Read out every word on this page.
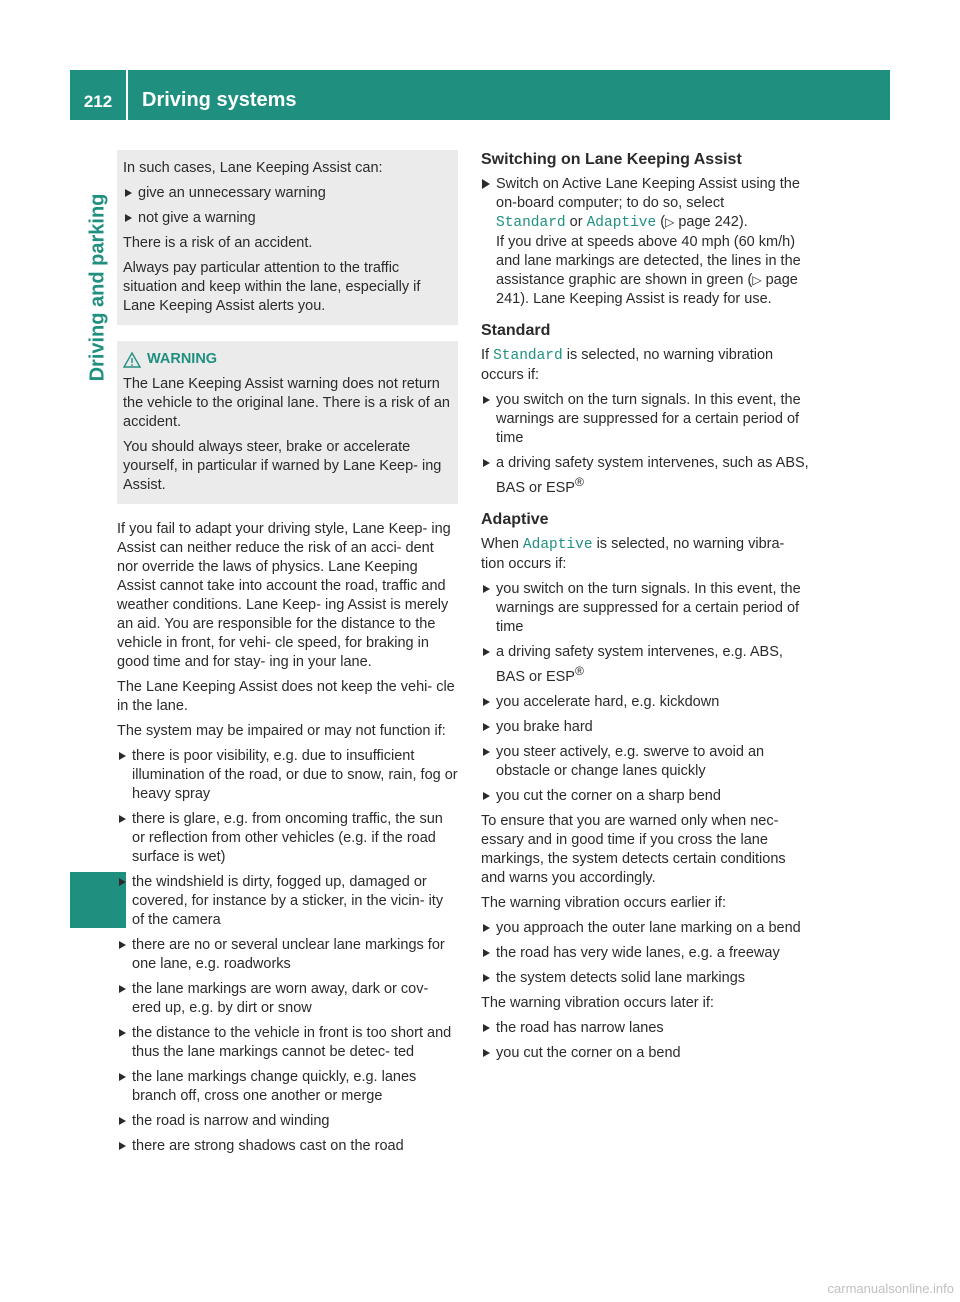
212	Driving systems
Driving and parking

In such cases, Lane Keeping Assist can:

give an unnecessary warning
not give a warning

There is a risk of an accident.

Always pay particular attention to the traffic situation and keep within the lane, especially if Lane Keeping Assist alerts you.

WARNING

The Lane Keeping Assist warning does not return the vehicle to the original lane. There is a risk of an accident.

You should always steer, brake or accelerate yourself, in particular if warned by Lane Keep- ing Assist.

If you fail to adapt your driving style, Lane Keep- ing Assist can neither reduce the risk of an acci- dent nor override the laws of physics. Lane Keeping Assist cannot take into account the road, traffic and weather conditions. Lane Keep- ing Assist is merely an aid. You are responsible for the distance to the vehicle in front, for vehi- cle speed, for braking in good time and for stay- ing in your lane.

The Lane Keeping Assist does not keep the vehi- cle in the lane.

The system may be impaired or may not function if:

there is poor visibility, e.g. due to insufficient illumination of the road, or due to snow, rain, fog or heavy spray
there is glare, e.g. from oncoming traffic, the sun or reflection from other vehicles (e.g. if the road surface is wet)
the windshield is dirty, fogged up, damaged or covered, for instance by a sticker, in the vicin- ity of the camera
there are no or several unclear lane markings for one lane, e.g. roadworks
the lane markings are worn away, dark or cov- ered up, e.g. by dirt or snow
the distance to the vehicle in front is too short and thus the lane markings cannot be detec- ted
the lane markings change quickly, e.g. lanes branch off, cross one another or merge
the road is narrow and winding
there are strong shadows cast on the road
Switching on Lane Keeping Assist
Switch on Active Lane Keeping Assist using the on-board computer; to do so, select
Standard or Adaptive (▷ page 242).
If you drive at speeds above 40 mph (60 km/h) and lane markings are detected, the lines in the assistance graphic are shown in green (▷ page 241). Lane Keeping Assist is ready for use.
Standard

If Standard is selected, no warning vibration occurs if:

you switch on the turn signals. In this event, the warnings are suppressed for a certain period of time
a driving safety system intervenes, such as ABS, BAS or ESP®
Adaptive

When Adaptive is selected, no warning vibra- tion occurs if:

you switch on the turn signals. In this event, the warnings are suppressed for a certain period of time
a driving safety system intervenes, e.g. ABS, BAS or ESP®
you accelerate hard, e.g. kickdown
you brake hard
you steer actively, e.g. swerve to avoid an obstacle or change lanes quickly
you cut the corner on a sharp bend

To ensure that you are warned only when nec- essary and in good time if you cross the lane markings, the system detects certain conditions and warns you accordingly.

The warning vibration occurs earlier if:

you approach the outer lane marking on a bend
the road has very wide lanes, e.g. a freeway
the system detects solid lane markings

The warning vibration occurs later if:

the road has narrow lanes
you cut the corner on a bend
carmanualsonline.info
